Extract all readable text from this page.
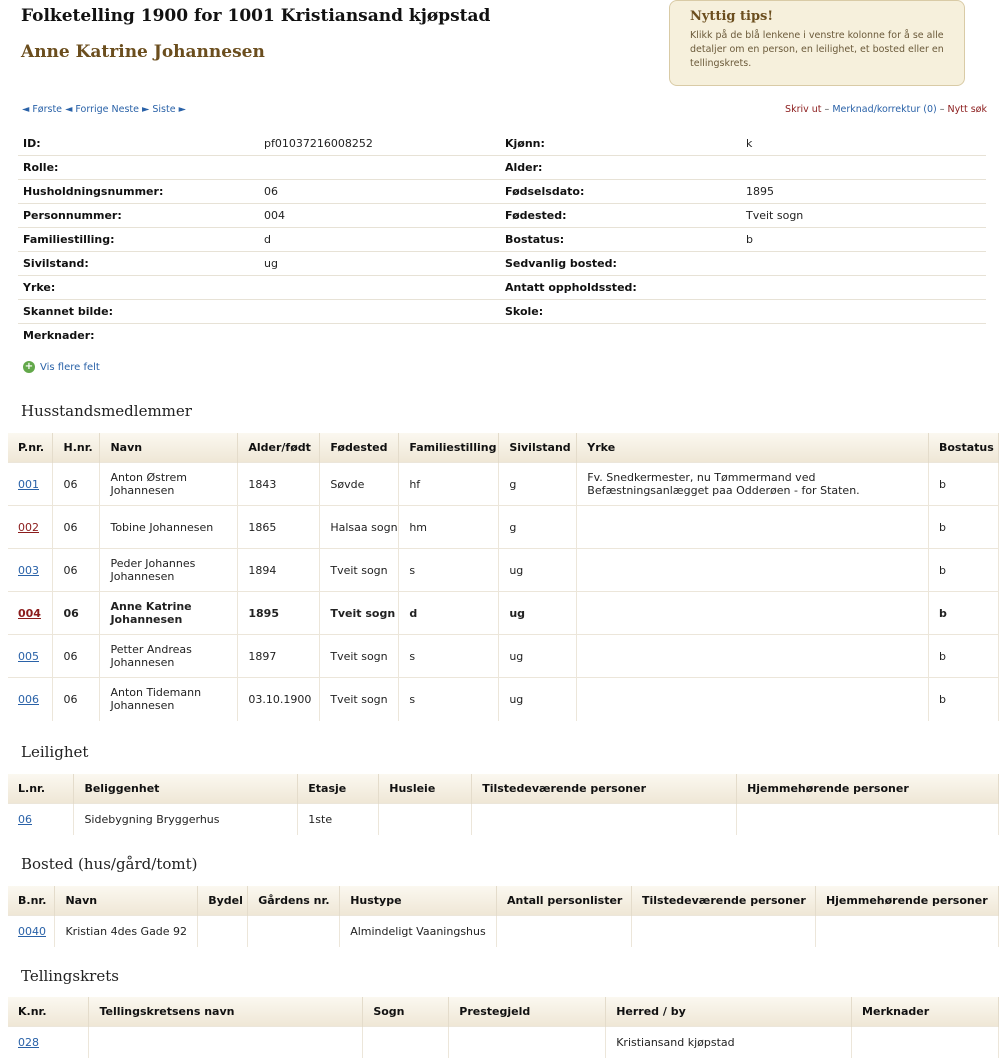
Folketelling 1900 for 1001 Kristiansand kjøpstad
Anne Katrine Johannesen
Nyttig tips!
Klikk på de blå lenkene i venstre kolonne for å se alle detaljer om en person, en leilighet, et bosted eller en tellingskrets.
◄ Første ◄ Forrige Neste ► Siste ►	Skriv ut – Merknad/korrektur (0) – Nytt søk
ID:	pf01037216008252	Kjønn:	k
Rolle:		Alder:	
Husholdningsnummer:	06	Fødselsdato:	1895
Personnummer:	004	Fødested:	Tveit sogn
Familiestilling:	d	Bostatus:	b
Sivilstand:	ug	Sedvanlig bosted:	
Yrke:		Antatt oppholdssted:	
Skannet bilde:		Skole:	
Merknader:			
+ Vis flere felt
Husstandsmedlemmer
P.nr.	H.nr.	Navn	Alder/født	Fødested	Familiestilling	Sivilstand	Yrke	Bostatus
001	06	Anton Østrem Johannesen	1843	Søvde	hf	g	Fv. Snedkermester, nu Tømmermand ved Befæstningsanlægget paa Odderøen - for Staten.	b
002	06	Tobine Johannesen	1865	Halsaa sogn	hm	g		b
003	06	Peder Johannes Johannesen	1894	Tveit sogn	s	ug		b
004	06	Anne Katrine Johannesen	1895	Tveit sogn	d	ug		b
005	06	Petter Andreas Johannesen	1897	Tveit sogn	s	ug		b
006	06	Anton Tidemann Johannesen	03.10.1900	Tveit sogn	s	ug		b
Leilighet
L.nr.	Beliggenhet	Etasje	Husleie	Tilstedeværende personer	Hjemmehørende personer
06	Sidebygning Bryggerhus	1ste			
Bosted (hus/gård/tomt)
B.nr.	Navn	Bydel	Gårdens nr.	Hustype	Antall personlister	Tilstedeværende personer	Hjemmehørende personer
0040	Kristian 4des Gade 92			Almindeligt Vaaningshus			
Tellingskrets
K.nr.	Tellingskretsens navn	Sogn	Prestegjeld	Herred / by	Merknader
028				Kristiansand kjøpstad	
